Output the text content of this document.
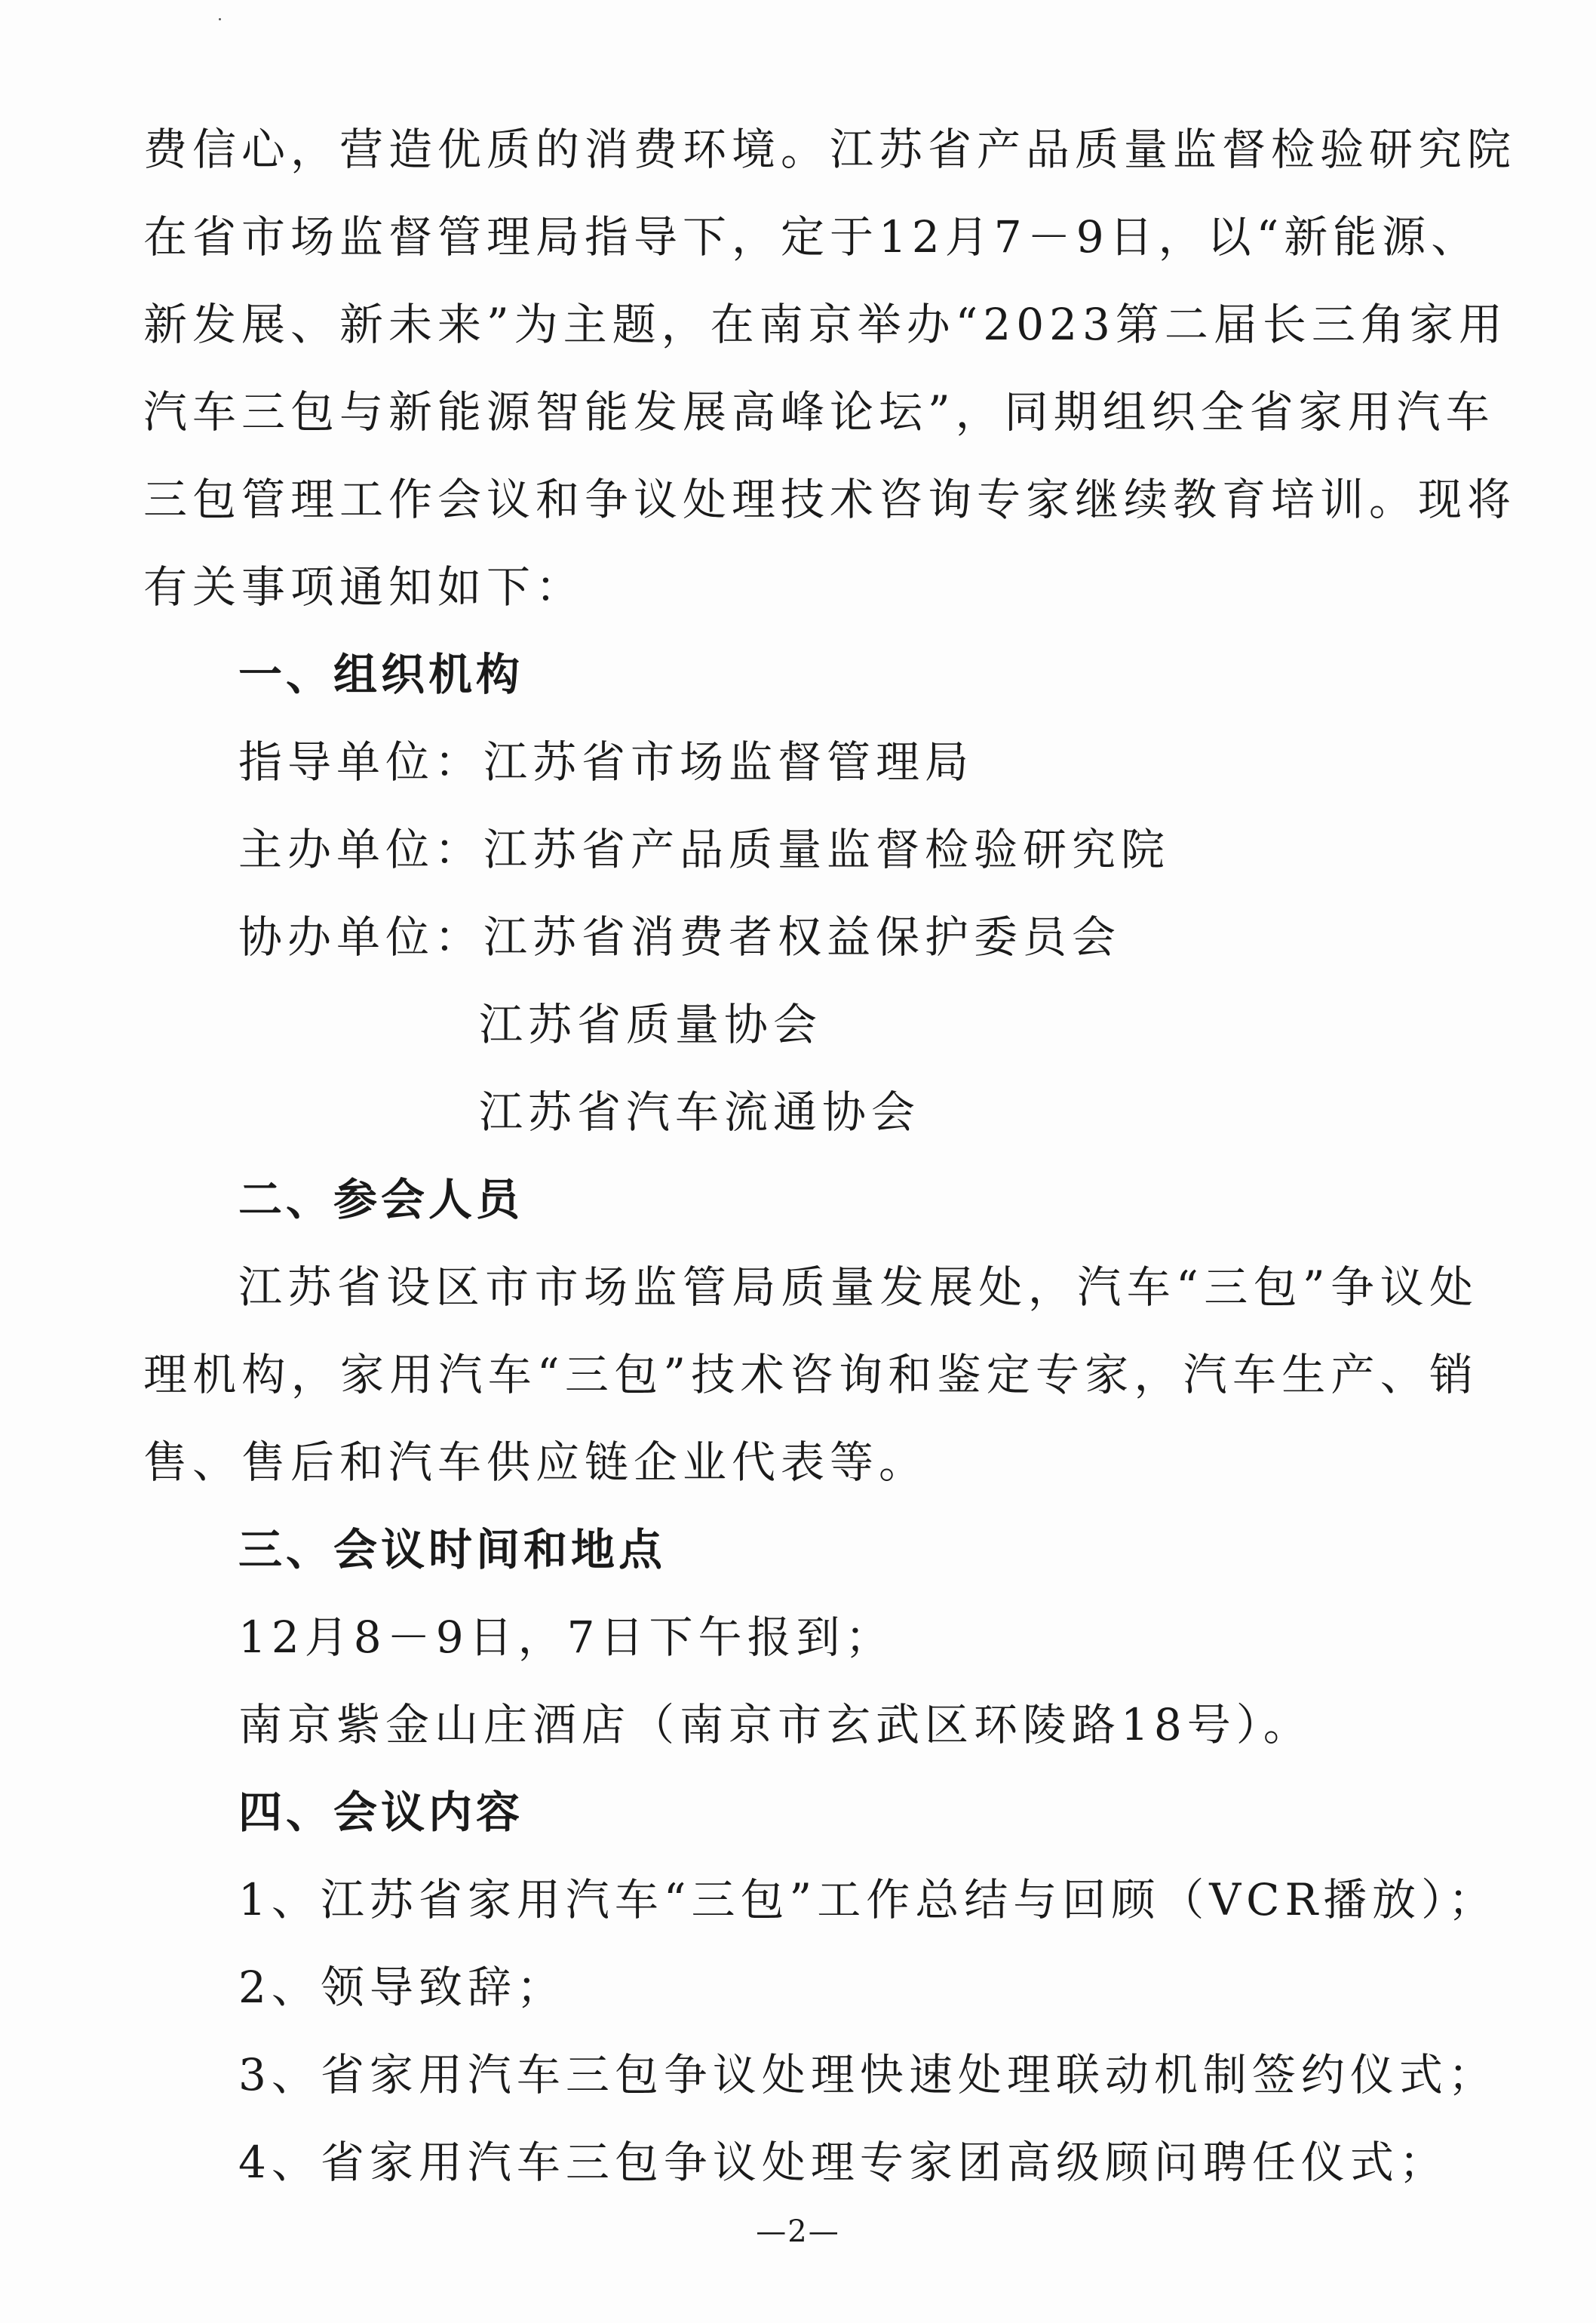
费信心，营造优质的消费环境。江苏省产品质量监督检验研究院
在省市场监督管理局指导下，定于12月7－9日，以“新能源、
新发展、新未来”为主题，在南京举办“2023第二届长三角家用
汽车三包与新能源智能发展高峰论坛”，同期组织全省家用汽车
三包管理工作会议和争议处理技术咨询专家继续教育培训。现将
有关事项通知如下：
一、组织机构
指导单位：江苏省市场监督管理局
主办单位：江苏省产品质量监督检验研究院
协办单位：江苏省消费者权益保护委员会
江苏省质量协会
江苏省汽车流通协会
二、参会人员
江苏省设区市市场监管局质量发展处，汽车“三包”争议处
理机构，家用汽车“三包”技术咨询和鉴定专家，汽车生产、销
售、售后和汽车供应链企业代表等。
三、会议时间和地点
12月8－9日，7日下午报到；
南京紫金山庄酒店（南京市玄武区环陵路18号）。
四、会议内容
1、江苏省家用汽车“三包”工作总结与回顾（VCR播放）；
2、领导致辞；
3、省家用汽车三包争议处理快速处理联动机制签约仪式；
4、省家用汽车三包争议处理专家团高级顾问聘任仪式；
—2—
